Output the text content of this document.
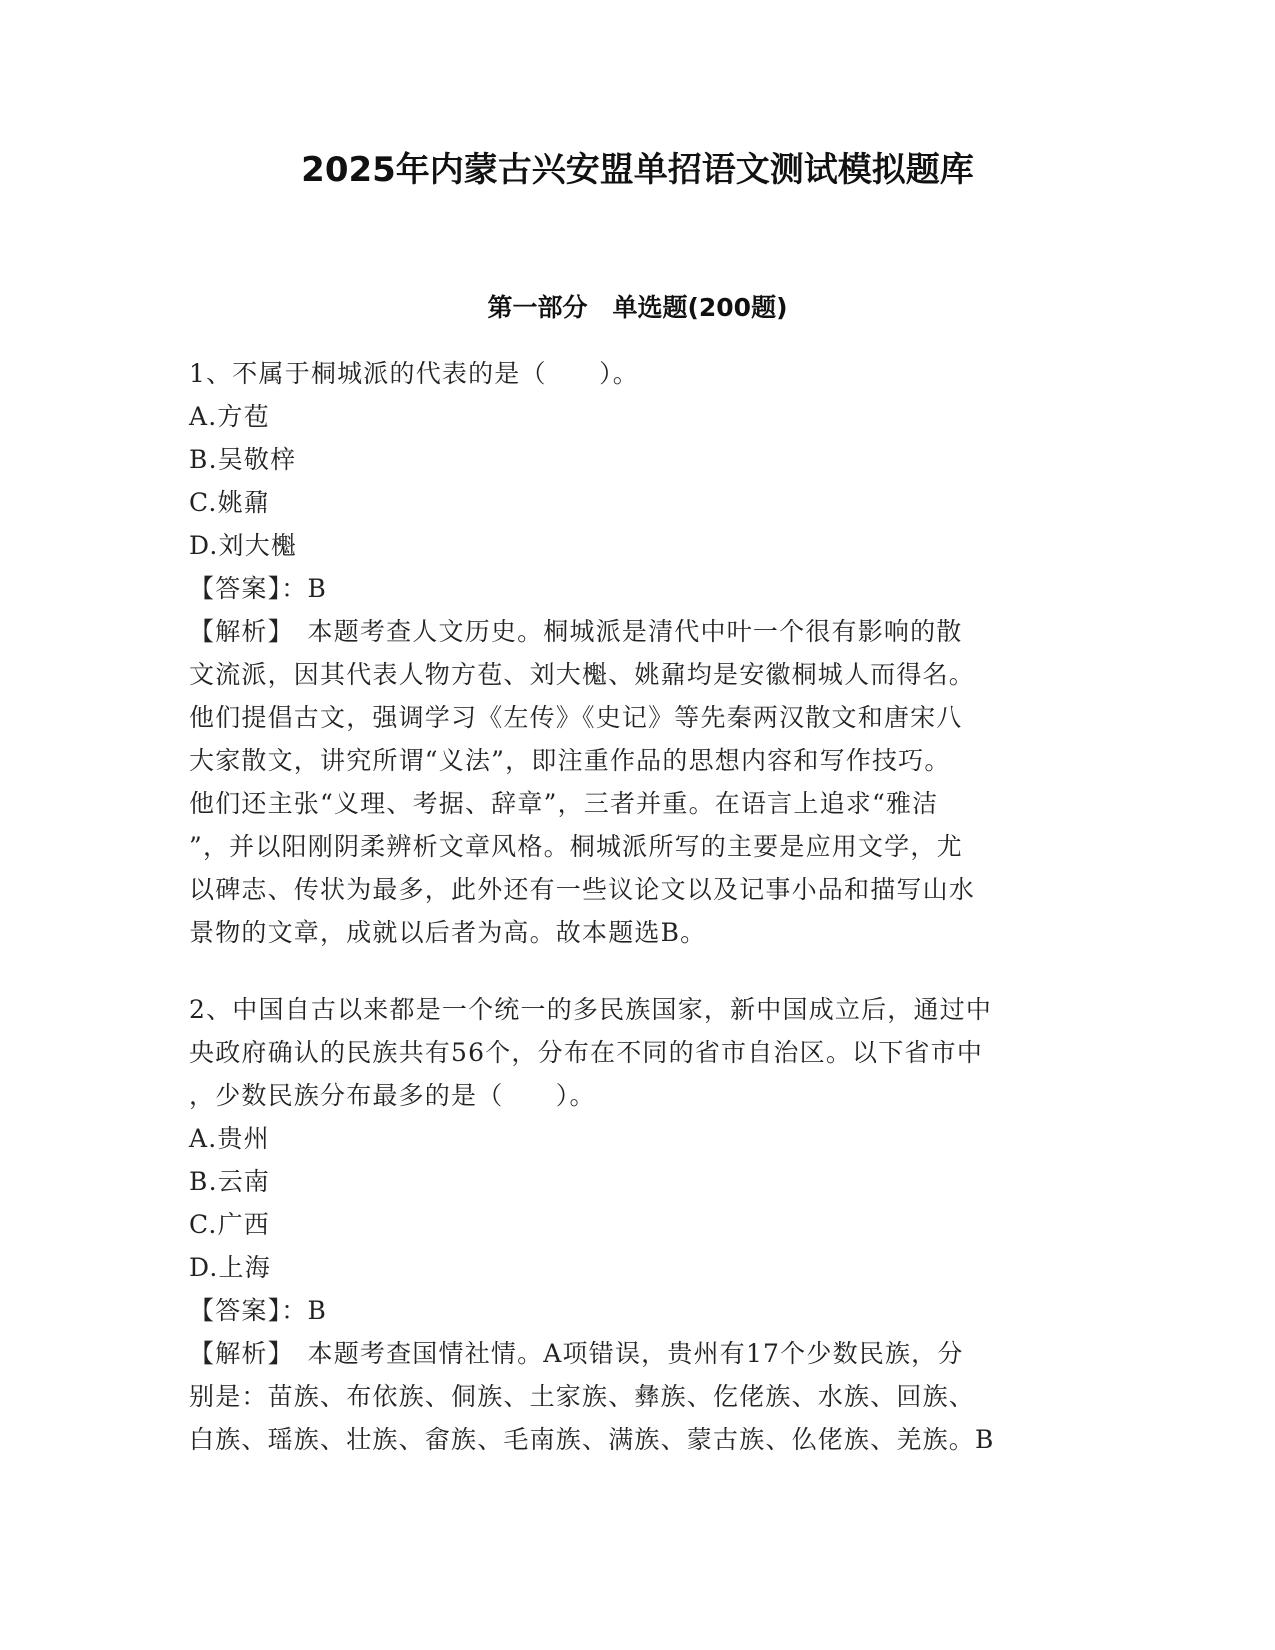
2025年内蒙古兴安盟单招语文测试模拟题库
第一部分　单选题(200题)
1、不属于桐城派的代表的是（　　）。
A.方苞
B.吴敬梓
C.姚鼐
D.刘大櫆
【答案】：B
【解析】　本题考查人文历史。桐城派是清代中叶一个很有影响的散
文流派，因其代表人物方苞、刘大櫆、姚鼐均是安徽桐城人而得名。
他们提倡古文，强调学习《左传》《史记》等先秦两汉散文和唐宋八
大家散文，讲究所谓“义法”，即注重作品的思想内容和写作技巧。
他们还主张“义理、考据、辞章”，三者并重。在语言上追求“雅洁
”，并以阳刚阴柔辨析文章风格。桐城派所写的主要是应用文学，尤
以碑志、传状为最多，此外还有一些议论文以及记事小品和描写山水
景物的文章，成就以后者为高。故本题选B。
2、中国自古以来都是一个统一的多民族国家，新中国成立后，通过中
央政府确认的民族共有56个，分布在不同的省市自治区。以下省市中
，少数民族分布最多的是（　　）。
A.贵州
B.云南
C.广西
D.上海
【答案】：B
【解析】　本题考查国情社情。A项错误，贵州有17个少数民族，分
别是：苗族、布依族、侗族、土家族、彝族、仡佬族、水族、回族、
白族、瑶族、壮族、畲族、毛南族、满族、蒙古族、仫佬族、羌族。B
